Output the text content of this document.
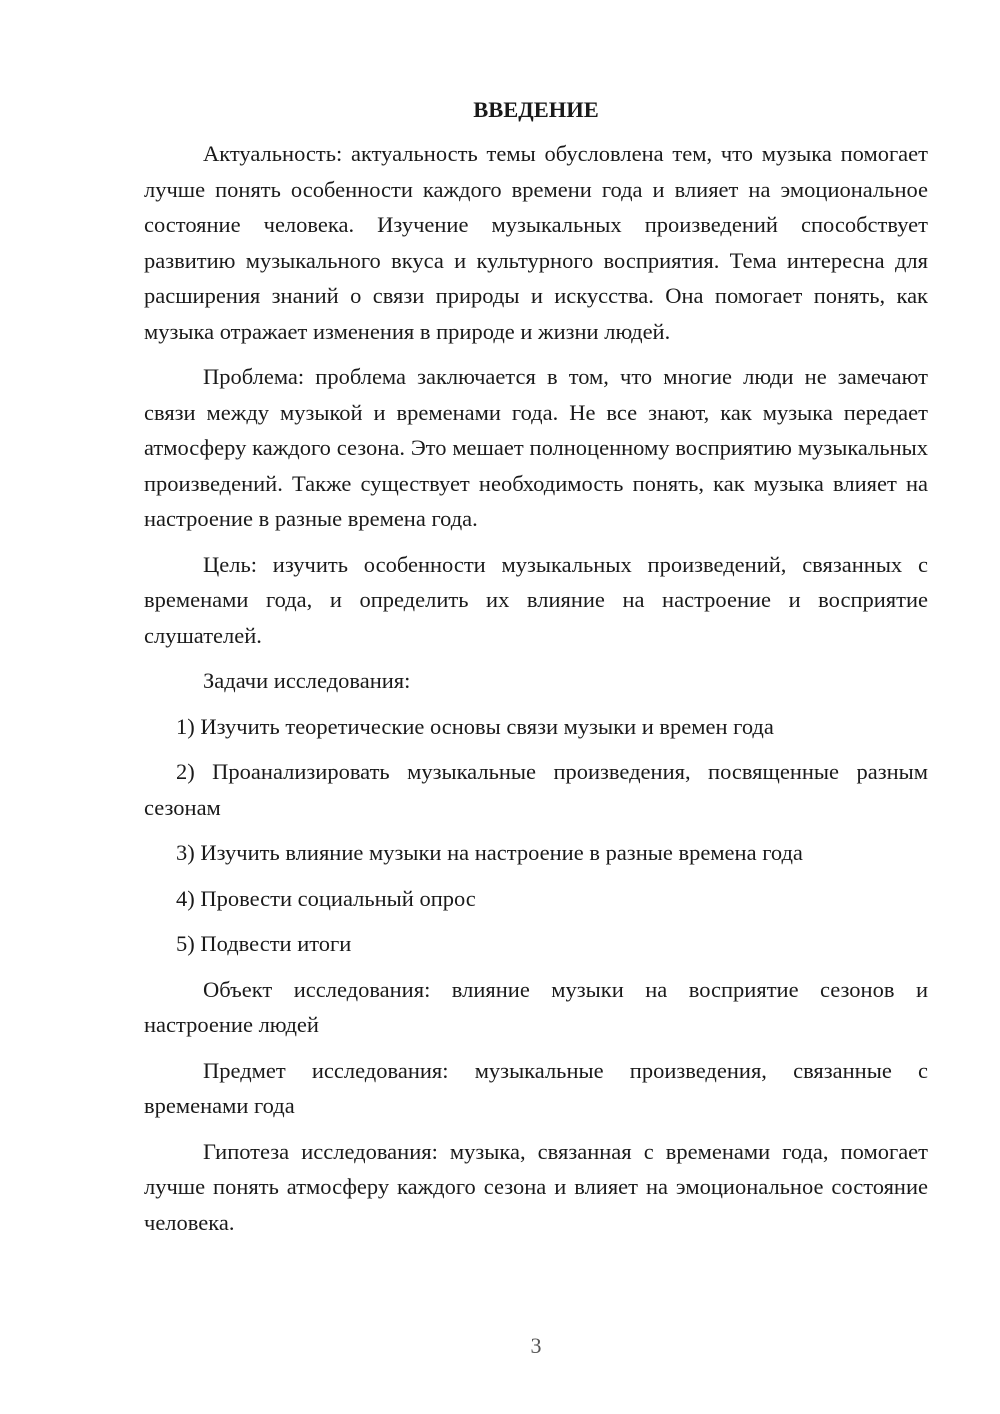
ВВЕДЕНИЕ

Актуальность: актуальность темы обусловлена тем, что музыка помогает лучше понять особенности каждого времени года и влияет на эмоциональное состояние человека. Изучение музыкальных произведений способствует развитию музыкального вкуса и культурного восприятия. Тема интересна для расширения знаний о связи природы и искусства. Она помогает понять, как музыка отражает изменения в природе и жизни людей.

Проблема: проблема заключается в том, что многие люди не замечают связи между музыкой и временами года. Не все знают, как музыка передает атмосферу каждого сезона. Это мешает полноценному восприятию музыкальных произведений. Также существует необходимость понять, как музыка влияет на настроение в разные времена года.

Цель: изучить особенности музыкальных произведений, связанных с временами года, и определить их влияние на настроение и восприятие слушателей.

Задачи исследования:

1) Изучить теоретические основы связи музыки и времен года

2) Проанализировать музыкальные произведения, посвященные разным сезонам

3) Изучить влияние музыки на настроение в разные времена года

4) Провести социальный опрос

5) Подвести итоги

Объект исследования: влияние музыки на восприятие сезонов и настроение людей

Предмет исследования: музыкальные произведения, связанные с временами года

Гипотеза исследования: музыка, связанная с временами года, помогает лучше понять атмосферу каждого сезона и влияет на эмоциональное состояние человека.

3
